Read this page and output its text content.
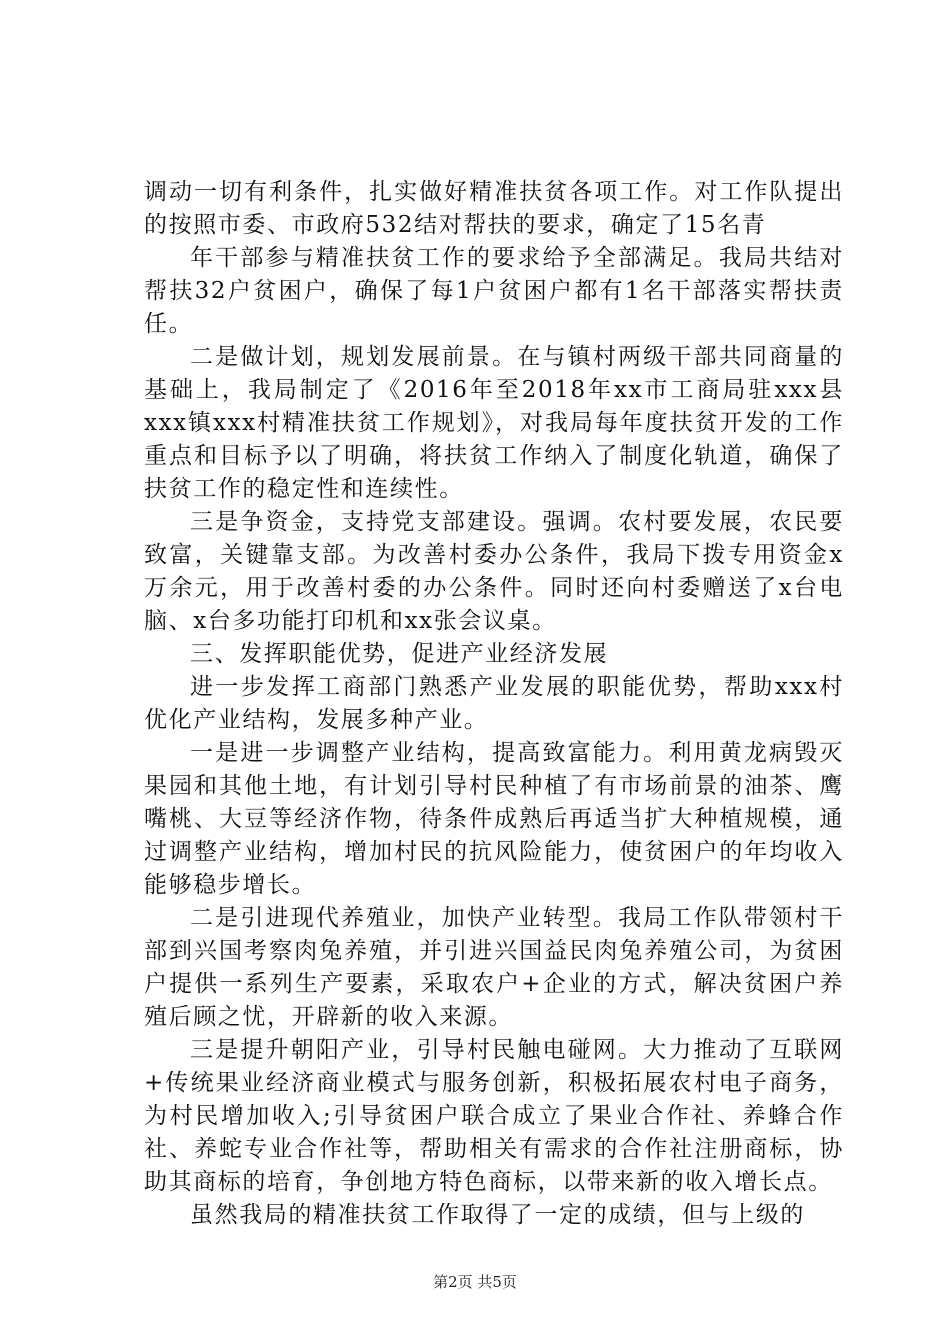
调动一切有利条件，扎实做好精准扶贫各项工作。对工作队提出的按照市委、市政府532结对帮扶的要求，确定了15名青

年干部参与精准扶贫工作的要求给予全部满足。我局共结对帮扶32户贫困户，确保了每1户贫困户都有1名干部落实帮扶责任。

二是做计划，规划发展前景。在与镇村两级干部共同商量的基础上，我局制定了《2016年至2018年xx市工商局驻xxx县xxx镇xxx村精准扶贫工作规划》，对我局每年度扶贫开发的工作重点和目标予以了明确，将扶贫工作纳入了制度化轨道，确保了扶贫工作的稳定性和连续性。

三是争资金，支持党支部建设。强调。农村要发展，农民要致富，关键靠支部。为改善村委办公条件，我局下拨专用资金x万余元，用于改善村委的办公条件。同时还向村委赠送了x台电脑、x台多功能打印机和xx张会议桌。

三、发挥职能优势，促进产业经济发展

进一步发挥工商部门熟悉产业发展的职能优势，帮助xxx村优化产业结构，发展多种产业。

一是进一步调整产业结构，提高致富能力。利用黄龙病毁灭果园和其他土地，有计划引导村民种植了有市场前景的油茶、鹰嘴桃、大豆等经济作物，待条件成熟后再适当扩大种植规模，通过调整产业结构，增加村民的抗风险能力，使贫困户的年均收入能够稳步增长。

二是引进现代养殖业，加快产业转型。我局工作队带领村干部到兴国考察肉兔养殖，并引进兴国益民肉兔养殖公司，为贫困户提供一系列生产要素，采取农户+企业的方式，解决贫困户养殖后顾之忧，开辟新的收入来源。

三是提升朝阳产业，引导村民触电碰网。大力推动了互联网+传统果业经济商业模式与服务创新，积极拓展农村电子商务，为村民增加收入;引导贫困户联合成立了果业合作社、养蜂合作社、养蛇专业合作社等，帮助相关有需求的合作社注册商标，协助其商标的培育，争创地方特色商标，以带来新的收入增长点。

虽然我局的精准扶贫工作取得了一定的成绩，但与上级的

第2页 共5页
